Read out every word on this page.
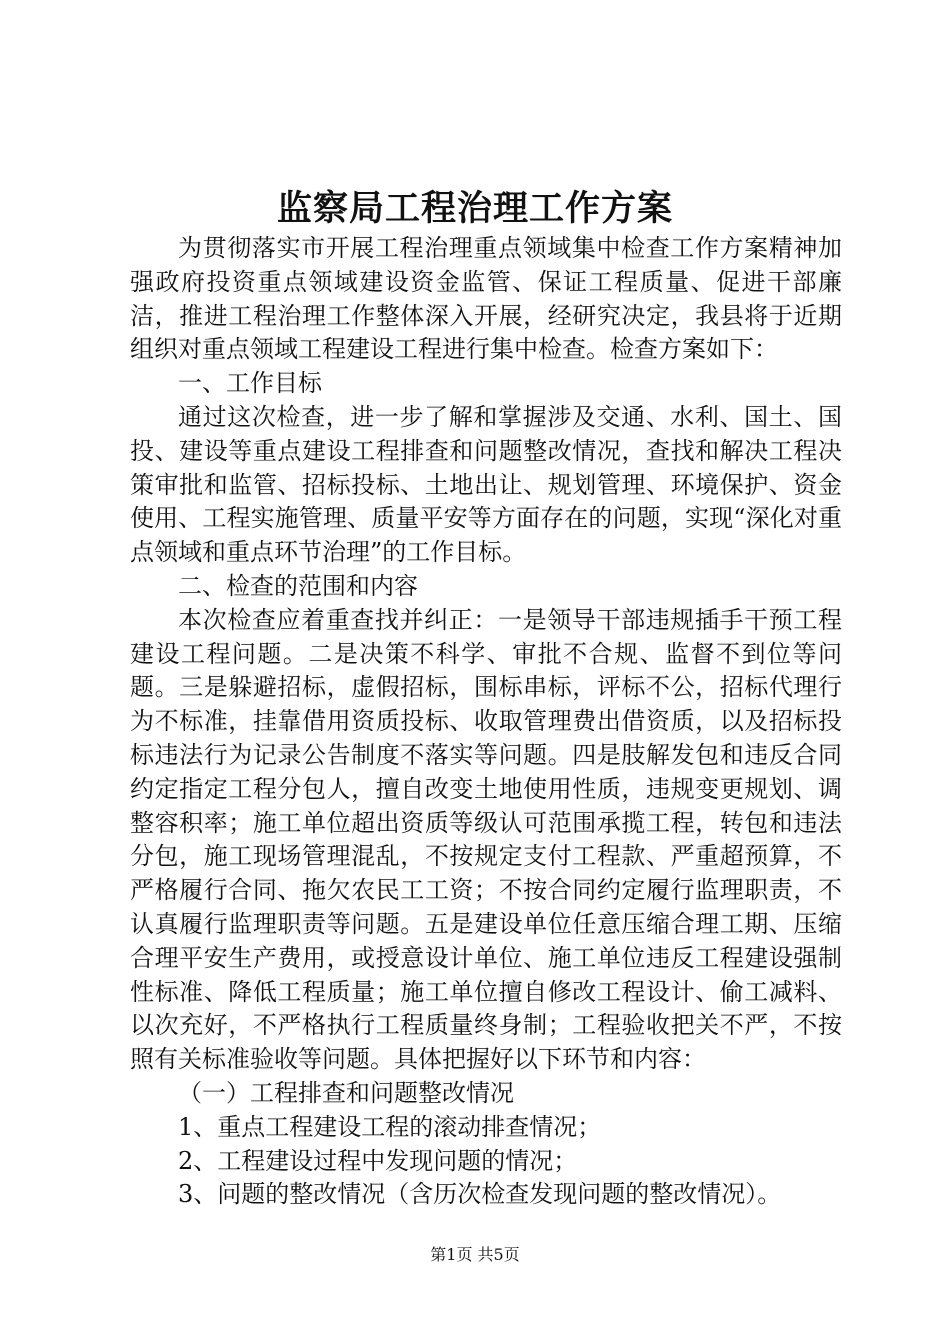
监察局工程治理工作方案

为贯彻落实市开展工程治理重点领域集中检查工作方案精神加强政府投资重点领域建设资金监管、保证工程质量、促进干部廉洁，推进工程治理工作整体深入开展，经研究决定，我县将于近期组织对重点领域工程建设工程进行集中检查。检查方案如下：

一、工作目标

通过这次检查，进一步了解和掌握涉及交通、水利、国土、国投、建设等重点建设工程排查和问题整改情况，查找和解决工程决策审批和监管、招标投标、土地出让、规划管理、环境保护、资金使用、工程实施管理、质量平安等方面存在的问题，实现“深化对重点领域和重点环节治理”的工作目标。

二、检查的范围和内容

本次检查应着重查找并纠正：一是领导干部违规插手干预工程建设工程问题。二是决策不科学、审批不合规、监督不到位等问题。三是躲避招标，虚假招标，围标串标，评标不公，招标代理行为不标准，挂靠借用资质投标、收取管理费出借资质，以及招标投标违法行为记录公告制度不落实等问题。四是肢解发包和违反合同约定指定工程分包人，擅自改变土地使用性质，违规变更规划、调整容积率；施工单位超出资质等级认可范围承揽工程，转包和违法分包，施工现场管理混乱，不按规定支付工程款、严重超预算，不严格履行合同、拖欠农民工工资；不按合同约定履行监理职责，不认真履行监理职责等问题。五是建设单位任意压缩合理工期、压缩合理平安生产费用，或授意设计单位、施工单位违反工程建设强制性标准、降低工程质量；施工单位擅自修改工程设计、偷工减料、以次充好，不严格执行工程质量终身制；工程验收把关不严，不按照有关标准验收等问题。具体把握好以下环节和内容：

（一）工程排查和问题整改情况

1、重点工程建设工程的滚动排查情况；

2、工程建设过程中发现问题的情况；

3、问题的整改情况（含历次检查发现问题的整改情况）。

第1页 共5页
